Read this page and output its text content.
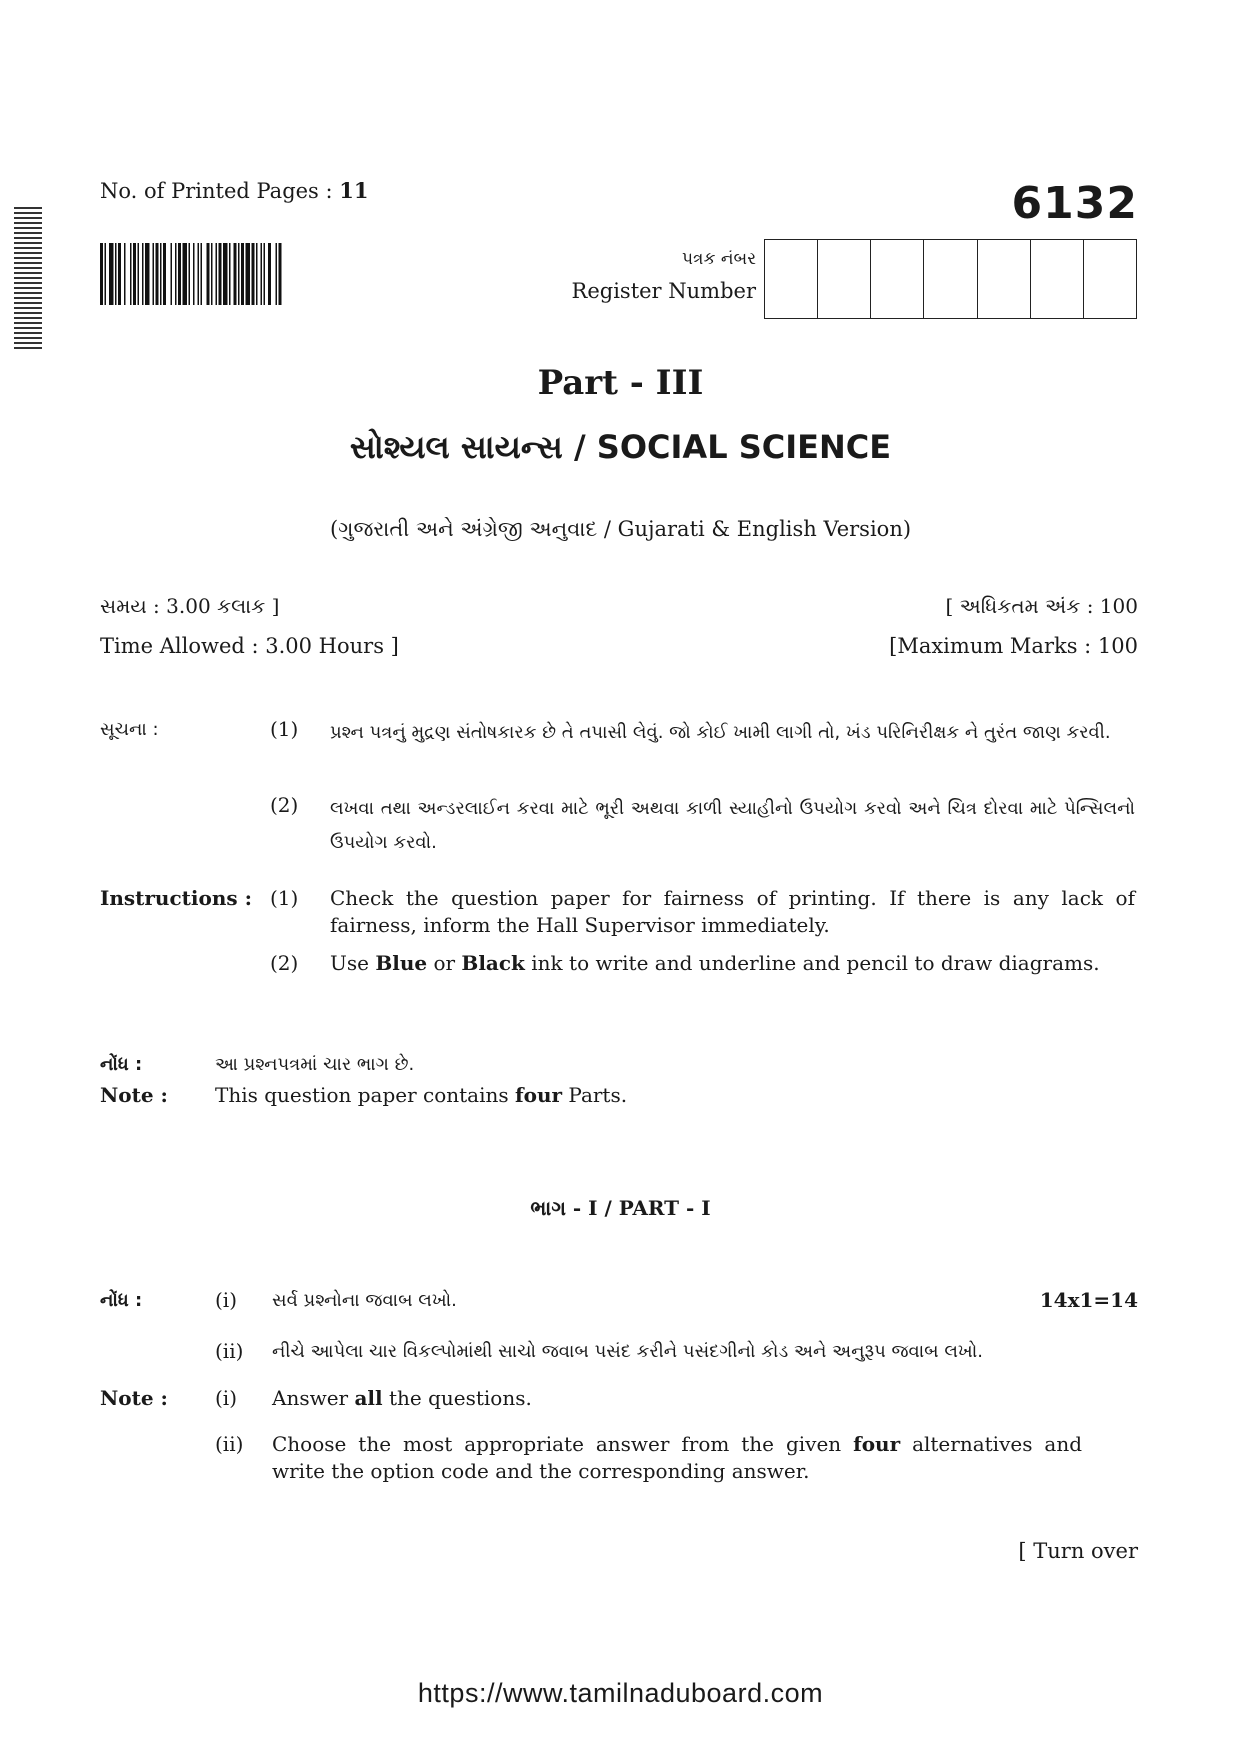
No. of Printed Pages : 11	6132
પત્રક નંબર
Register Number
Part - III
સોશ્યલ સાયન્સ / SOCIAL SCIENCE
(ગુજરાતી અને અંગ્રેજી અનુવાદ / Gujarati & English Version)
સમય : 3.00 કલાક ]	[ અધિકતમ અંક : 100
Time Allowed : 3.00 Hours ]	[Maximum Marks : 100
સૂચના :	(1) પ્રશ્ન પત્રનું મુદ્રણ સંતોષકારક છે તે તપાસી લેવું. જો કોઈ ખામી લાગી તો, ખંડ પરિનિરીક્ષક ને તુરંત જાણ કરવી.
(2) લખવા તથા અન્ડરલાઈન કરવા માટે ભૂરી અથવા કાળી સ્યાહીનો ઉપયોગ કરવો અને ચિત્ર દોરવા માટે પેન્સિલનો ઉપયોગ કરવો.
Instructions : (1) Check the question paper for fairness of printing. If there is any lack of fairness, inform the Hall Supervisor immediately.
(2) Use Blue or Black ink to write and underline and pencil to draw diagrams.
નોંધ :	આ પ્રશ્નપત્રમાં ચાર ભાગ છે.
Note : This question paper contains four Parts.
ભાગ - I / PART - I
નોંધ :	(i) સર્વ પ્રશ્નોના જવાબ લખો.	14x1=14
(ii) નીચે આપેલા ચાર વિકલ્પોમાંથી સાચો જવાબ પસંદ કરીને પસંદગીનો કોડ અને અનુરૂપ જવાબ લખો.
Note : (i) Answer all the questions.
(ii) Choose the most appropriate answer from the given four alternatives and write the option code and the corresponding answer.
[ Turn over
https://www.tamilnaduboard.com
